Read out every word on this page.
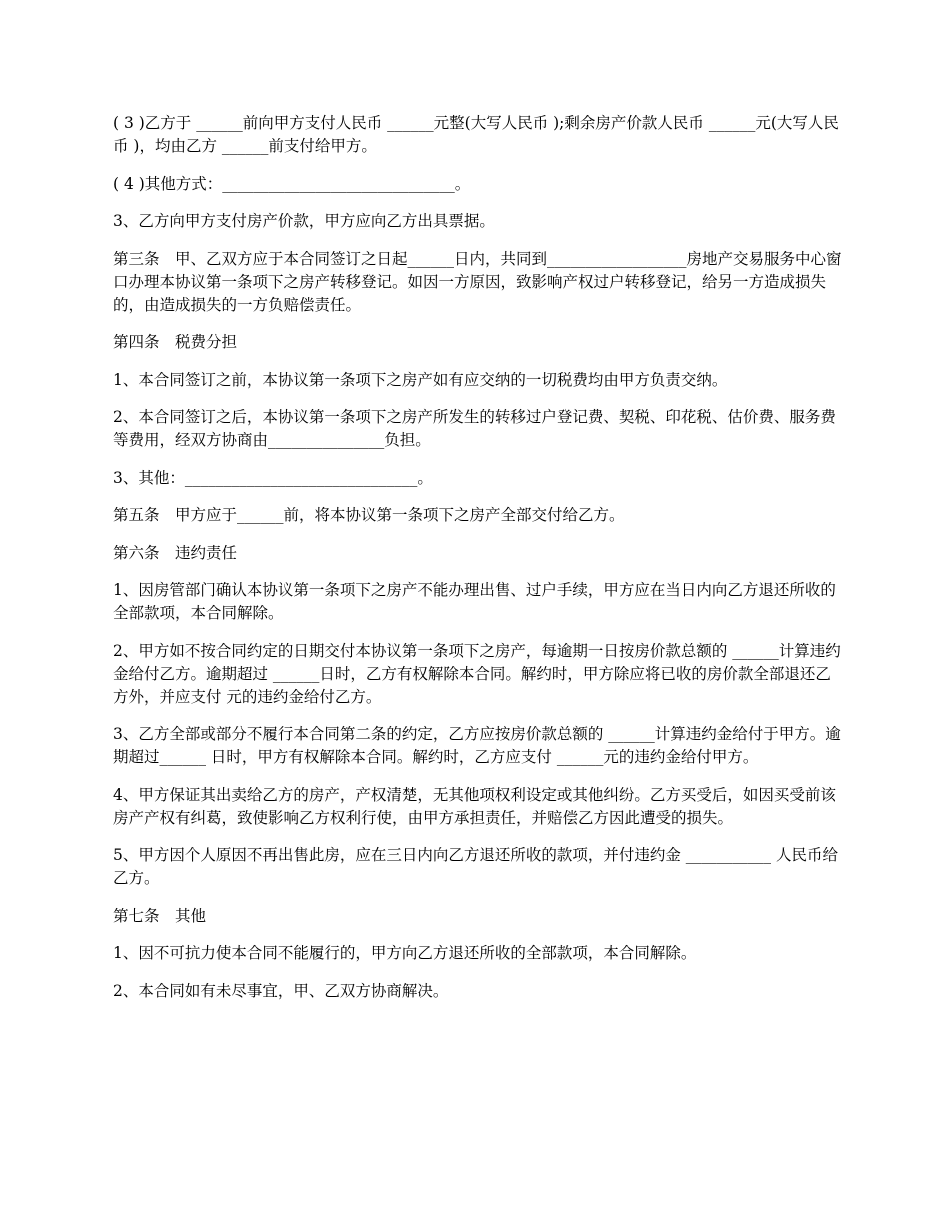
( 3 )乙方于 ______前向甲方支付人民币 ______元整(大写人民币 );剩余房产价款人民币 ______元(大写人民币 )，均由乙方 ______前支付给甲方。

( 4 )其他方式：______________________________。

3、乙方向甲方支付房产价款，甲方应向乙方出具票据。

第三条　甲、乙双方应于本合同签订之日起______日内，共同到__________________房地产交易服务中心窗口办理本协议第一条项下之房产转移登记。如因一方原因，致影响产权过户转移登记，给另一方造成损失的，由造成损失的一方负赔偿责任。

第四条　税费分担

1、本合同签订之前，本协议第一条项下之房产如有应交纳的一切税费均由甲方负责交纳。

2、本合同签订之后，本协议第一条项下之房产所发生的转移过户登记费、契税、印花税、估价费、服务费等费用，经双方协商由_______________负担。

3、其他：______________________________。

第五条　甲方应于______前，将本协议第一条项下之房产全部交付给乙方。

第六条　违约责任

1、因房管部门确认本协议第一条项下之房产不能办理出售、过户手续，甲方应在当日内向乙方退还所收的全部款项，本合同解除。

2、甲方如不按合同约定的日期交付本协议第一条项下之房产，每逾期一日按房价款总额的 ______计算违约金给付乙方。逾期超过 ______日时，乙方有权解除本合同。解约时，甲方除应将已收的房价款全部退还乙方外，并应支付 元的违约金给付乙方。

3、乙方全部或部分不履行本合同第二条的约定，乙方应按房价款总额的 ______计算违约金给付于甲方。逾期超过______ 日时，甲方有权解除本合同。解约时，乙方应支付 ______元的违约金给付甲方。

4、甲方保证其出卖给乙方的房产，产权清楚，无其他项权利设定或其他纠纷。乙方买受后，如因买受前该房产产权有纠葛，致使影响乙方权利行使，由甲方承担责任，并赔偿乙方因此遭受的损失。

5、甲方因个人原因不再出售此房，应在三日内向乙方退还所收的款项，并付违约金 ___________ 人民币给乙方。

第七条　其他

1、因不可抗力使本合同不能履行的，甲方向乙方退还所收的全部款项，本合同解除。

2、本合同如有未尽事宜，甲、乙双方协商解决。
